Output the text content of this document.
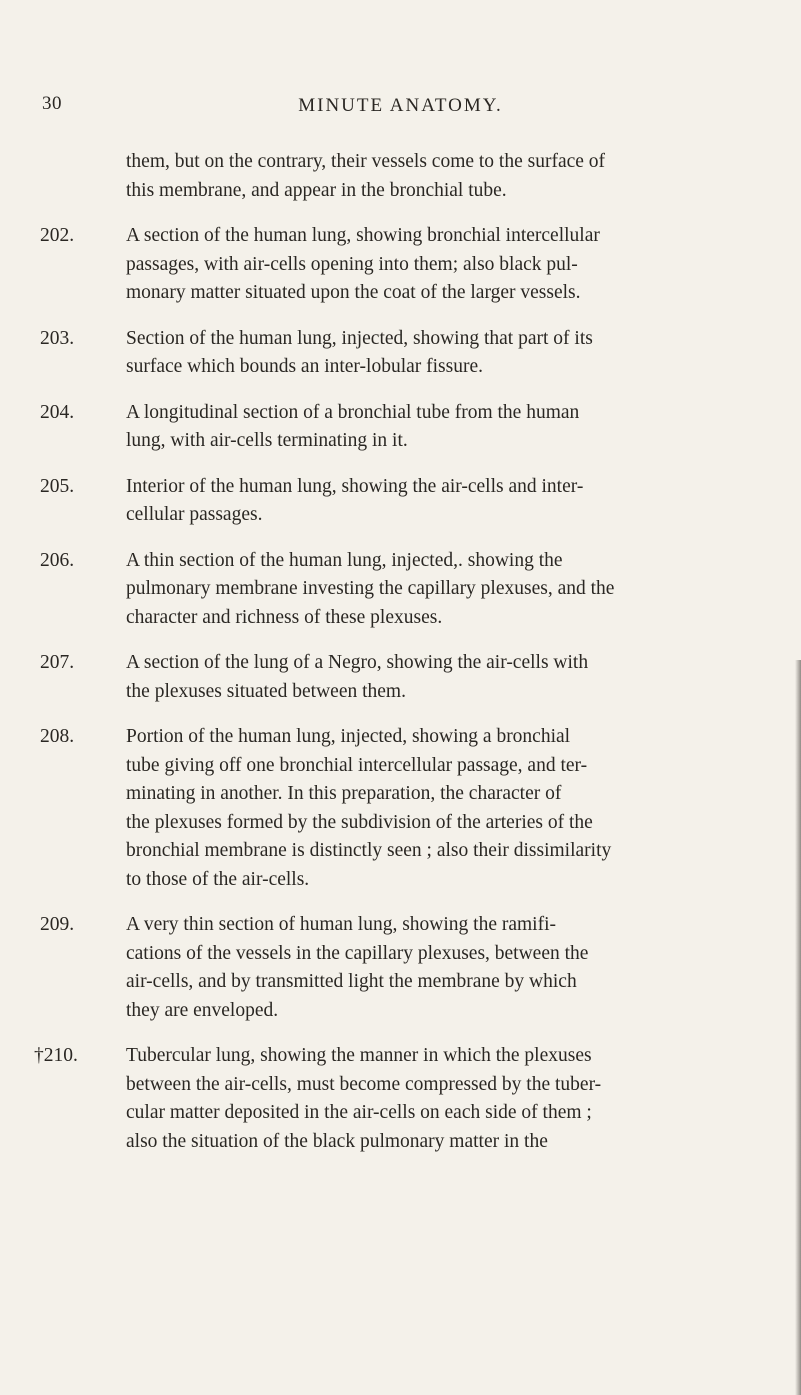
30	MINUTE ANATOMY.
them, but on the contrary, their vessels come to the surface of
this membrane, and appear in the bronchial tube.
202.	A section of the human lung, showing bronchial intercellular
passages, with air-cells opening into them; also black pul-
monary matter situated upon the coat of the larger vessels.
203.	Section of the human lung, injected, showing that part of its
surface which bounds an inter-lobular fissure.
204.	A longitudinal section of a bronchial tube from the human
lung, with air-cells terminating in it.
205.	Interior of the human lung, showing the air-cells and inter-
cellular passages.
206.	A thin section of the human lung, injected,. showing the
pulmonary membrane investing the capillary plexuses, and the
character and richness of these plexuses.
207.	A section of the lung of a Negro, showing the air-cells with
the plexuses situated between them.
208.	Portion of the human lung, injected, showing a bronchial
tube giving off one bronchial intercellular passage, and ter-
minating in another. In this preparation, the character of
the plexuses formed by the subdivision of the arteries of the
bronchial membrane is distinctly seen ; also their dissimilarity
to those of the air-cells.
209.	A very thin section of human lung, showing the ramifi-
cations of the vessels in the capillary plexuses, between the
air-cells, and by transmitted light the membrane by which
they are enveloped.
†210.	Tubercular lung, showing the manner in which the plexuses
between the air-cells, must become compressed by the tuber-
cular matter deposited in the air-cells on each side of them ;
also the situation of the black pulmonary matter in the
